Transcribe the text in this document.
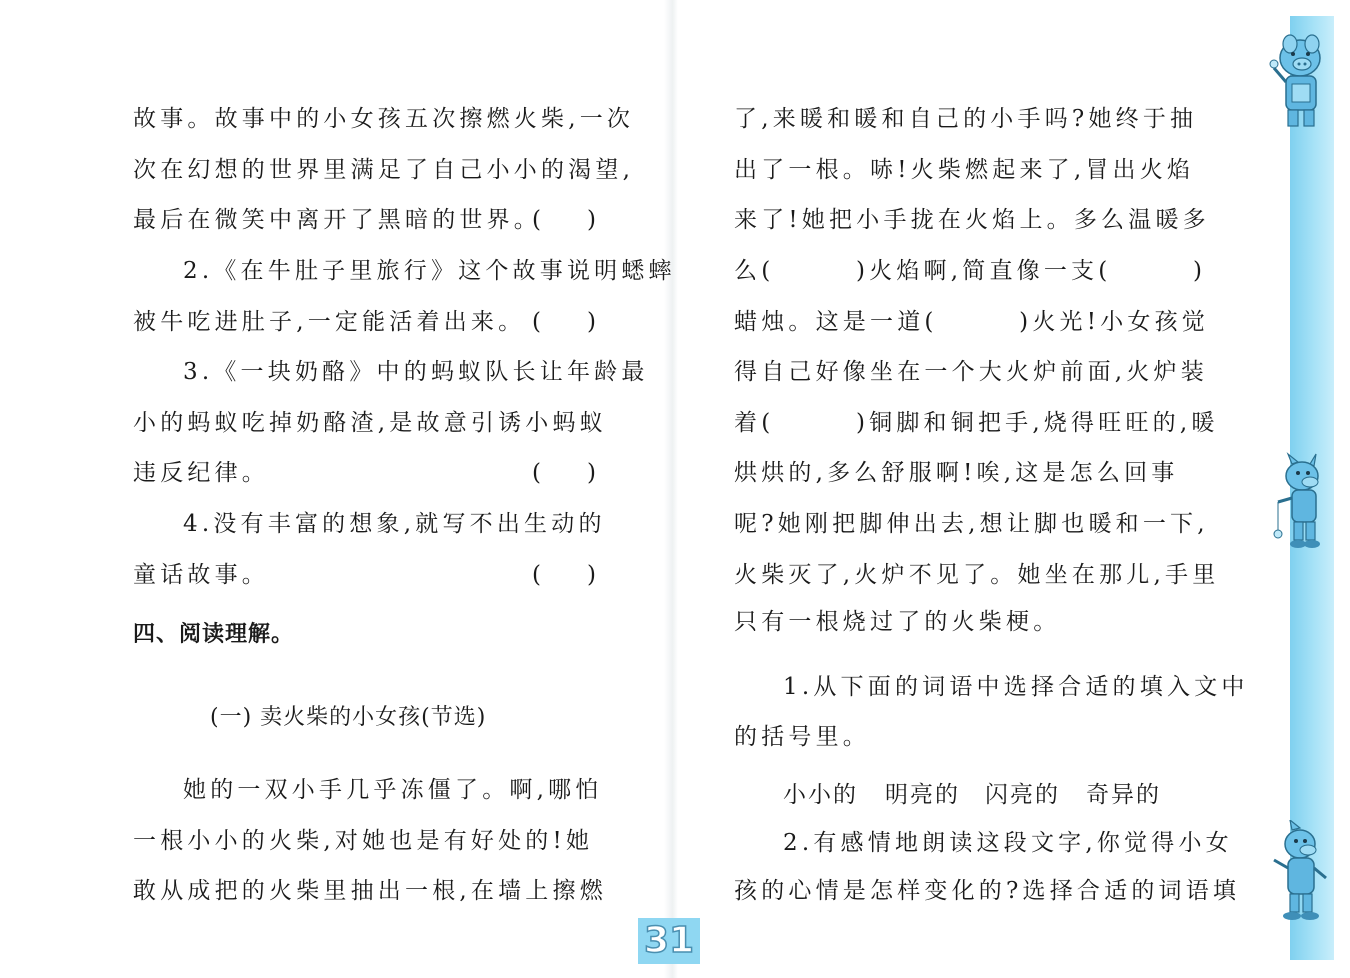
故事。故事中的小女孩五次擦燃火柴,一次
次在幻想的世界里满足了自己小小的渴望,
最后在微笑中离开了黑暗的世界。
(　　)
2.《在牛肚子里旅行》这个故事说明蟋蟀
被牛吃进肚子,一定能活着出来。 (　　)
3.《一块奶酪》中的蚂蚁队长让年龄最
小的蚂蚁吃掉奶酪渣,是故意引诱小蚂蚁
违反纪律。	(　　)
4.没有丰富的想象,就写不出生动的
童话故事。	(　　)
四、阅读理解。
(一) 卖火柴的小女孩(节选)
她的一双小手几乎冻僵了。啊,哪怕
一根小小的火柴,对她也是有好处的!她
敢从成把的火柴里抽出一根,在墙上擦燃
了,来暖和暖和自己的小手吗?她终于抽
出了一根。哧!火柴燃起来了,冒出火焰
来了!她把小手拢在火焰上。多么温暖多
么(　　　)火焰啊,简直像一支(　　　)
蜡烛。这是一道(　　　)火光!小女孩觉
得自己好像坐在一个大火炉前面,火炉装
着(　　　)铜脚和铜把手,烧得旺旺的,暖
烘烘的,多么舒服啊!唉,这是怎么回事
呢?她刚把脚伸出去,想让脚也暖和一下,
火柴灭了,火炉不见了。她坐在那儿,手里
只有一根烧过了的火柴梗。
1.从下面的词语中选择合适的填入文中
的括号里。
小小的 明亮的 闪亮的 奇异的
2.有感情地朗读这段文字,你觉得小女
孩的心情是怎样变化的?选择合适的词语填
31
